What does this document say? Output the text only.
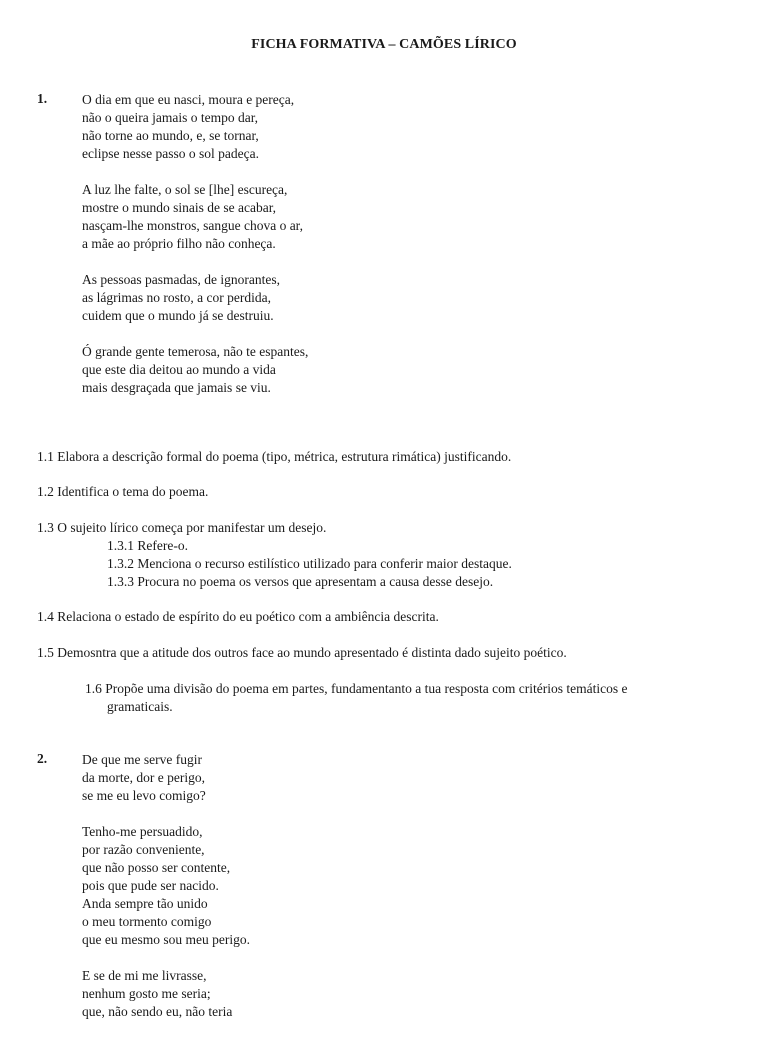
FICHA FORMATIVA – CAMÕES LÍRICO
1.	O dia em que eu nasci, moura e pereça,
não o queira jamais o tempo dar,
não torne ao mundo, e, se tornar,
eclipse nesse passo o sol padeça.
A luz lhe falte, o sol se [lhe] escureça,
mostre o mundo sinais de se acabar,
nasçam-lhe monstros, sangue chova o ar,
a mãe ao próprio filho não conheça.
As pessoas pasmadas, de ignorantes,
as lágrimas no rosto, a cor perdida,
cuidem que o mundo já se destruiu.
Ó grande gente temerosa, não te espantes,
que este dia deitou ao mundo a vida
mais desgraçada que jamais se viu.
1.1 Elabora a descrição formal do poema (tipo, métrica, estrutura rimática) justificando.
1.2 Identifica o tema do poema.
1.3 O sujeito lírico começa por manifestar um desejo.
1.3.1 Refere-o.
1.3.2 Menciona o recurso estilístico utilizado para conferir maior destaque.
1.3.3 Procura no poema os versos que apresentam a causa desse desejo.
1.4 Relaciona o estado de espírito do eu poético com a ambiência descrita.
1.5 Demosntra que a atitude dos outros face ao mundo apresentado é distinta dado sujeito poético.
1.6 Propõe uma divisão do poema em partes, fundamentanto a tua resposta com critérios temáticos e
gramaticais.
2.	De que me serve fugir
da morte, dor e perigo,
se me eu levo comigo?
Tenho-me persuadido,
por razão conveniente,
que não posso ser contente,
pois que pude ser nacido.
Anda sempre tão unido
o meu tormento comigo
que eu mesmo sou meu perigo.
E se de mi me livrasse,
nenhum gosto me seria;
que, não sendo eu, não teria
